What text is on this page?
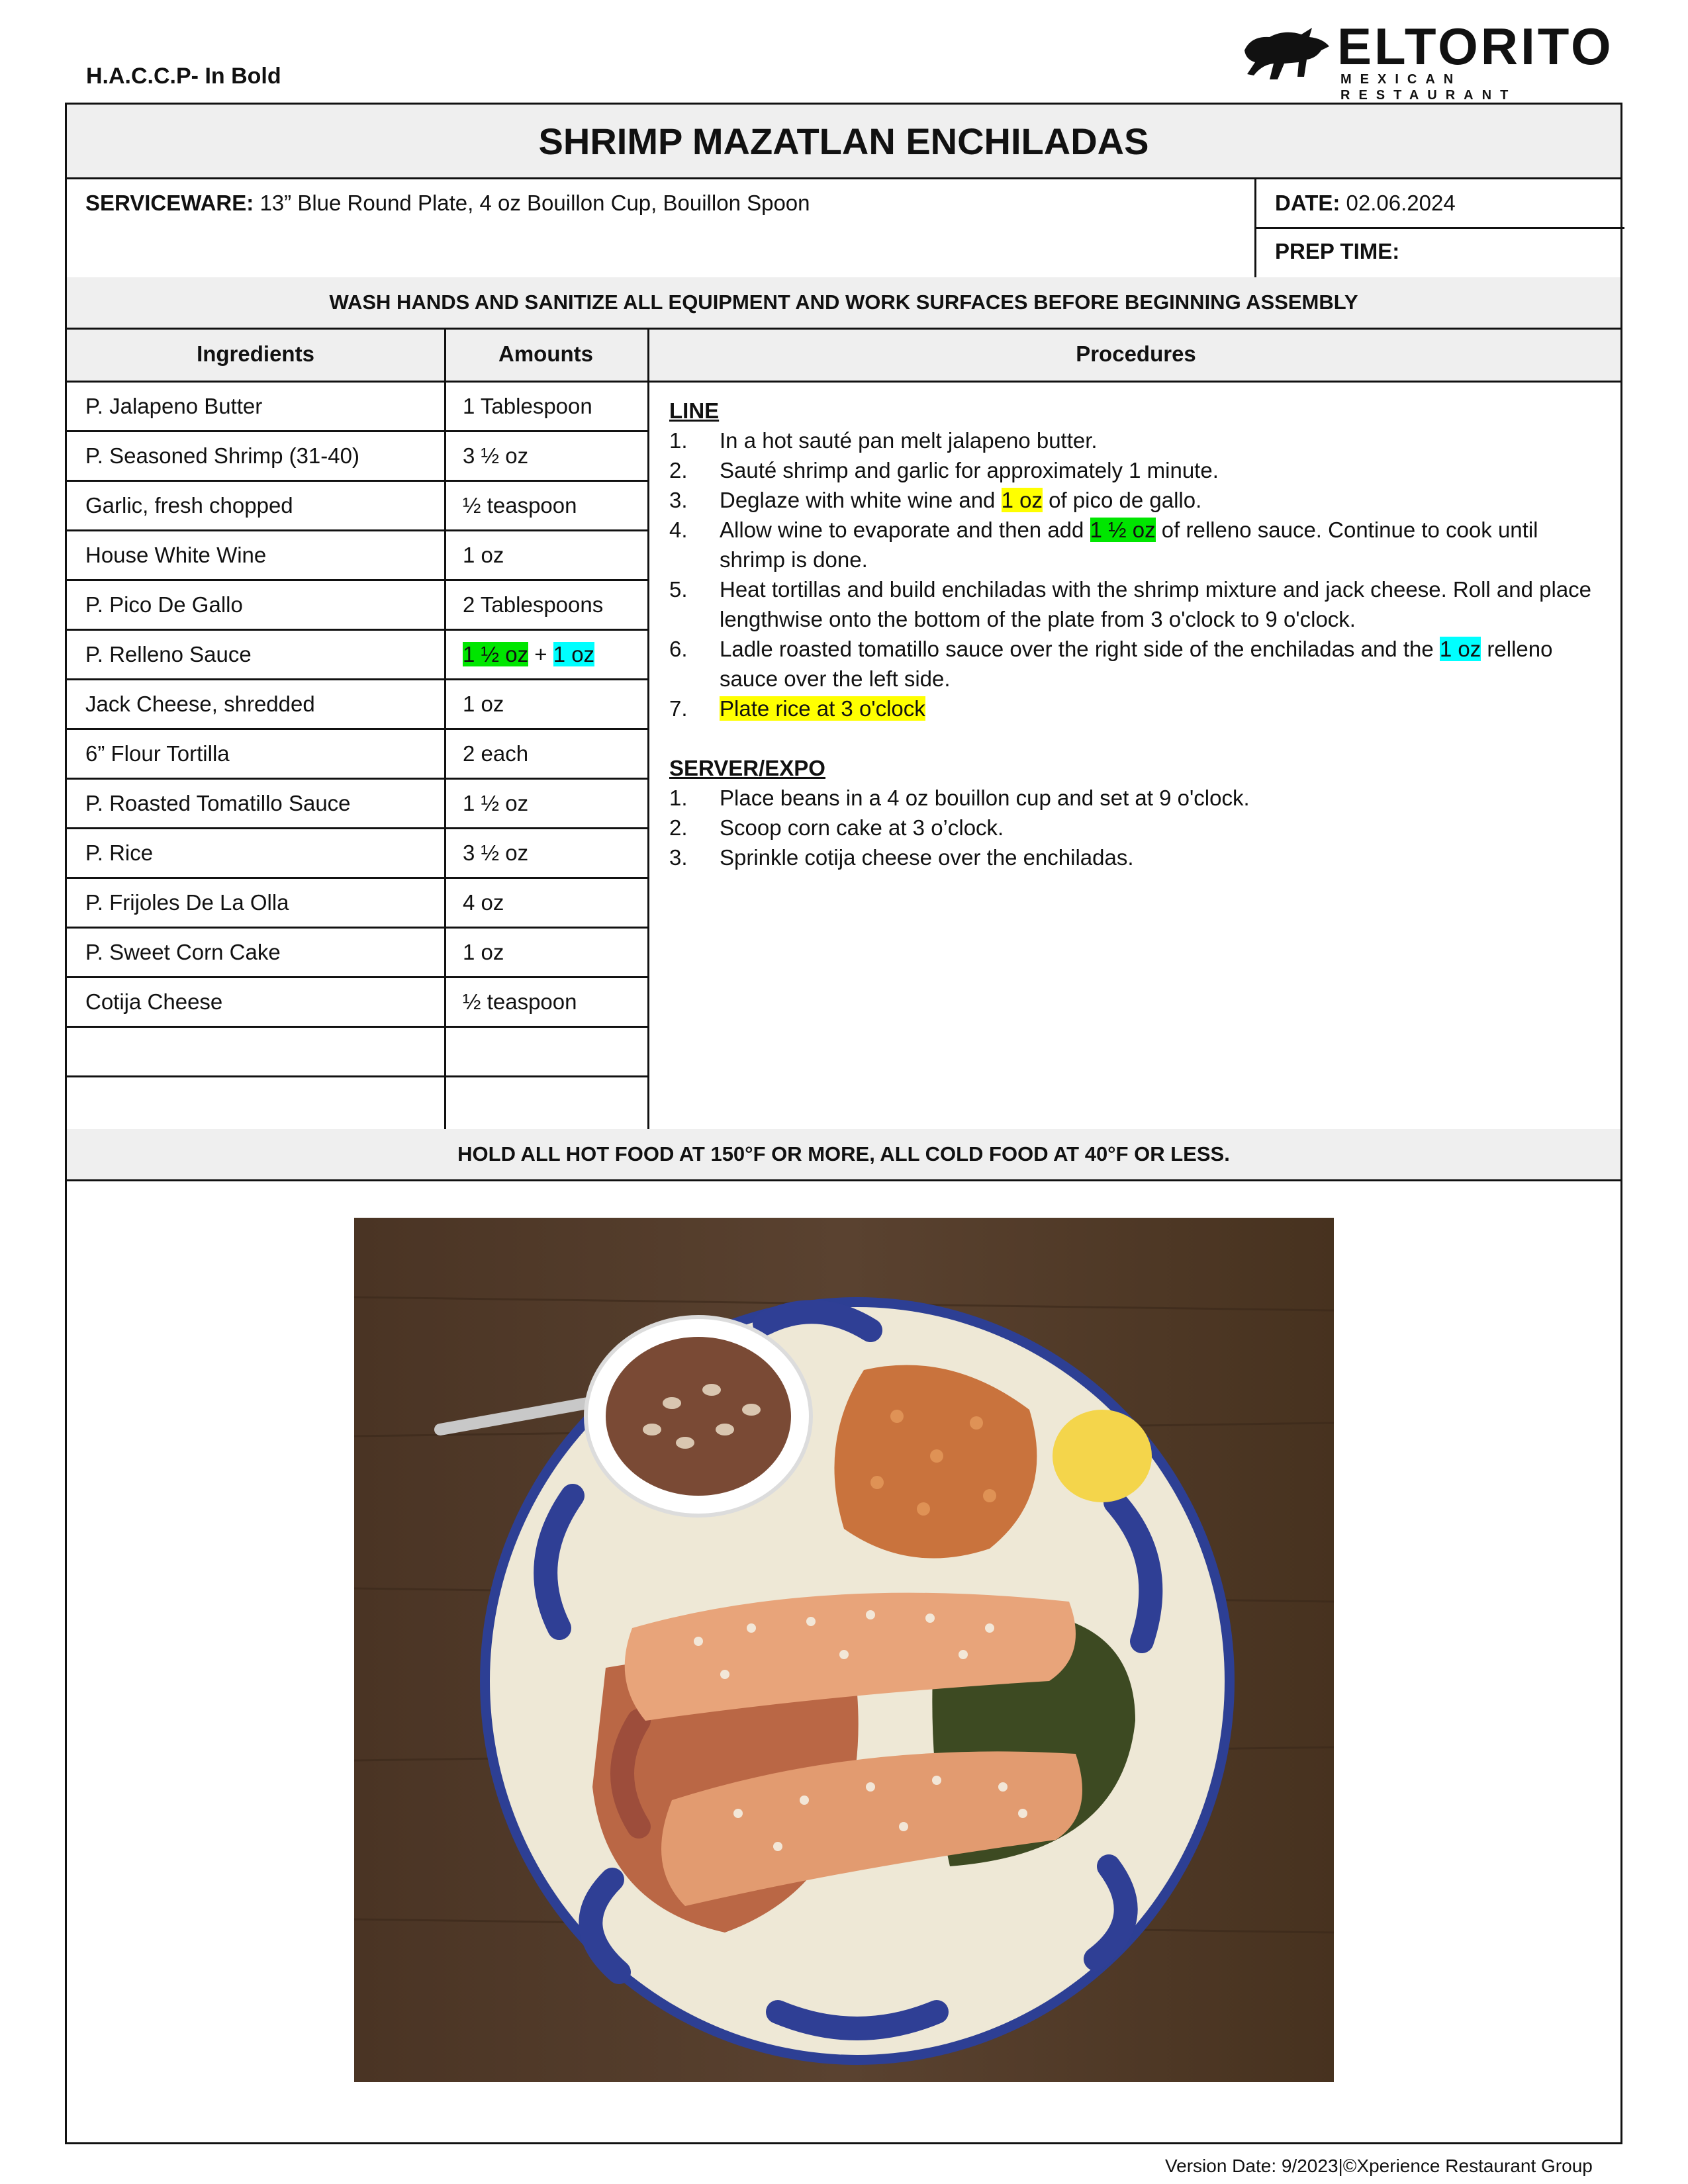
H.A.C.C.P- In Bold
ELTORITO
MEXICAN RESTAURANT
SHRIMP MAZATLAN ENCHILADAS
SERVICEWARE: 13” Blue Round Plate, 4 oz Bouillon Cup, Bouillon Spoon	DATE: 02.06.2024
PREP TIME:
WASH HANDS AND SANITIZE ALL EQUIPMENT AND WORK SURFACES BEFORE BEGINNING ASSEMBLY
Ingredients	Amounts	Procedures
P. Jalapeno Butter	1 Tablespoon
P. Seasoned Shrimp (31-40)	3 ½ oz
Garlic, fresh chopped	½ teaspoon
House White Wine	1 oz
P. Pico De Gallo	2 Tablespoons
P. Relleno Sauce	1 ½ oz + 1 oz
Jack Cheese, shredded	1 oz
6” Flour Tortilla	2 each
P. Roasted Tomatillo Sauce	1 ½ oz
P. Rice	3 ½ oz
P. Frijoles De La Olla	4 oz
P. Sweet Corn Cake	1 oz
Cotija Cheese	½ teaspoon
LINE
1.	In a hot sauté pan melt jalapeno butter.
2.	Sauté shrimp and garlic for approximately 1 minute.
3.	Deglaze with white wine and 1 oz of pico de gallo.
4.	Allow wine to evaporate and then add 1 ½ oz of relleno sauce. Continue to cook until shrimp is done.
5.	Heat tortillas and build enchiladas with the shrimp mixture and jack cheese. Roll and place lengthwise onto the bottom of the plate from 3 o'clock to 9 o'clock.
6.	Ladle roasted tomatillo sauce over the right side of the enchiladas and the 1 oz relleno sauce over the left side.
7.	Plate rice at 3 o'clock
SERVER/EXPO
1.	Place beans in a 4 oz bouillon cup and set at 9 o'clock.
2.	Scoop corn cake at 3 o’clock.
3.	Sprinkle cotija cheese over the enchiladas.
HOLD ALL HOT FOOD AT 150°F OR MORE, ALL COLD FOOD AT 40°F OR LESS.
Version Date: 9/2023|©Xperience Restaurant Group
